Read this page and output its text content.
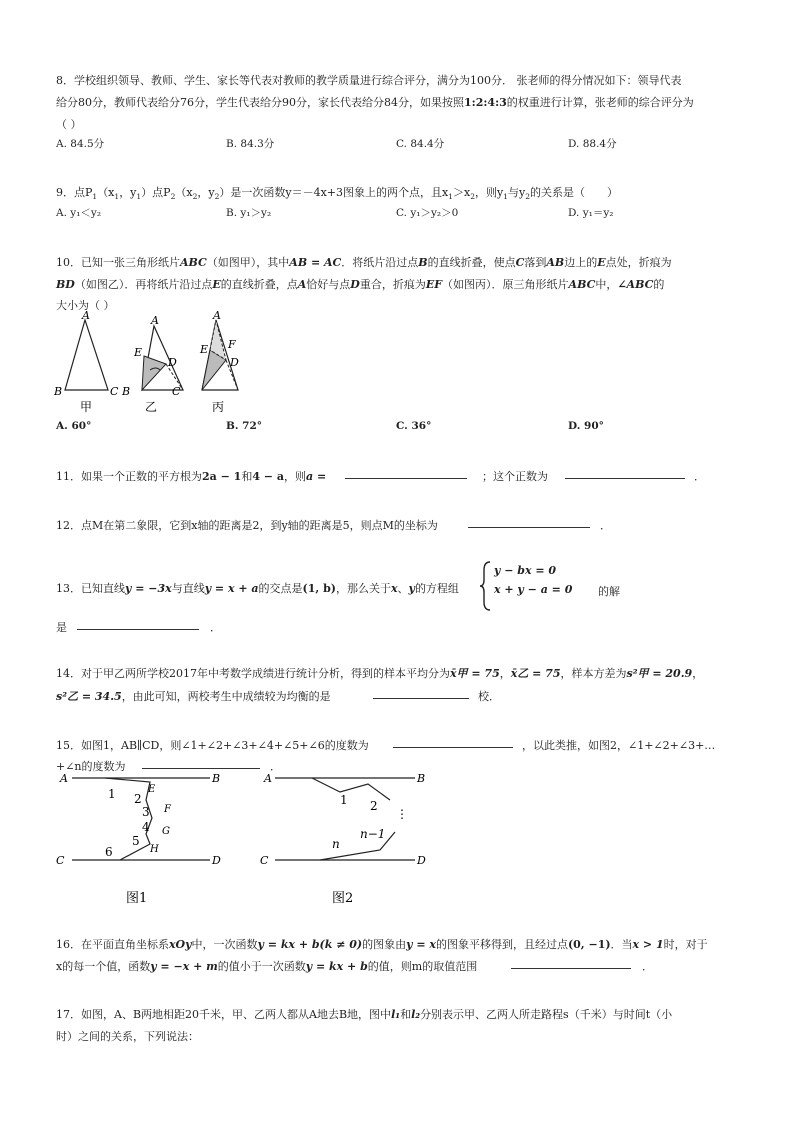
8．学校组织领导、教师、学生、家长等代表对教师的教学质量进行综合评分，满分为100分． 张老师的得分情况如下：领导代表
给分80分，教师代表给分76分，学生代表给分90分，家长代表给分84分，如果按照1:2:4:3的权重进行计算，张老师的综合评分为
（ ）
A. 84.5分	B. 84.3分	C. 84.4分	D. 88.4分
9．点$P_1(x_1$，$y_1$）点$P_2(x_2$，$y_2$）是一次函数y＝－4x+3图象上的两个点，且$x_1>x_2$，则$y_1$与$y_2$的关系是（　　）
A. y₁＜y₂	B. y₁＞y₂	C. y₁＞y₂＞0	D. y₁＝y₂
10．已知一张三角形纸片ABC（如图甲），其中AB = AC．将纸片沿过点B的直线折叠，使点C落到AB边上的E点处，折痕为
BD（如图乙）．再将纸片沿过点E的直线折叠，点A恰好与点D重合，折痕为EF（如图丙）．原三角形纸片ABC中，∠ABC的
大小为（ ）
A
B	C
甲
A
E
D
B	C
乙
A
E F
D
丙
A. 60°	B. 72°	C. 36°	D. 90°
11．如果一个正数的平方根为2a − 1和4 − a，则a =	；这个正数为	．
12．点M在第二象限，它到x轴的距离是2，到y轴的距离是5，则点M的坐标为	．
13．已知直线y = −3x与直线y = x + a的交点是(1, b)，那么关于x、y的方程组
y − bx = 0
x + y − a = 0 的解
是	．
14．对于甲乙两所学校2017年中考数学成绩进行统计分析，得到的样本平均分为x̄甲 = 75，x̄乙 = 75，样本方差为s²甲 = 20.9，
s²乙 = 34.5，由此可知，两校考生中成绩较为均衡的是	校．
15．如图1，AB∥CD，则∠1+∠2+∠3+∠4+∠5+∠6的度数为	，以此类推，如图2，∠1+∠2+∠3+…
+∠n的度数为	．
A	B
C	D
E
F
G
H
1 2
3
4
5
6
图1
A	B
C	D
1 2
⋮
n−1
n
图2
16．在平面直角坐标系xOy中，一次函数y = kx + b(k ≠ 0)的图象由y = x的图象平移得到，且经过点(0, −1)．当x > 1时，对于
x的每一个值，函数y = −x + m的值小于一次函数y = kx + b的值，则m的取值范围	．
17．如图，A、B两地相距20千米，甲、乙两人都从A地去B地，图中l₁和l₂分别表示甲、乙两人所走路程s（千米）与时间t（小
时）之间的关系，下列说法：
